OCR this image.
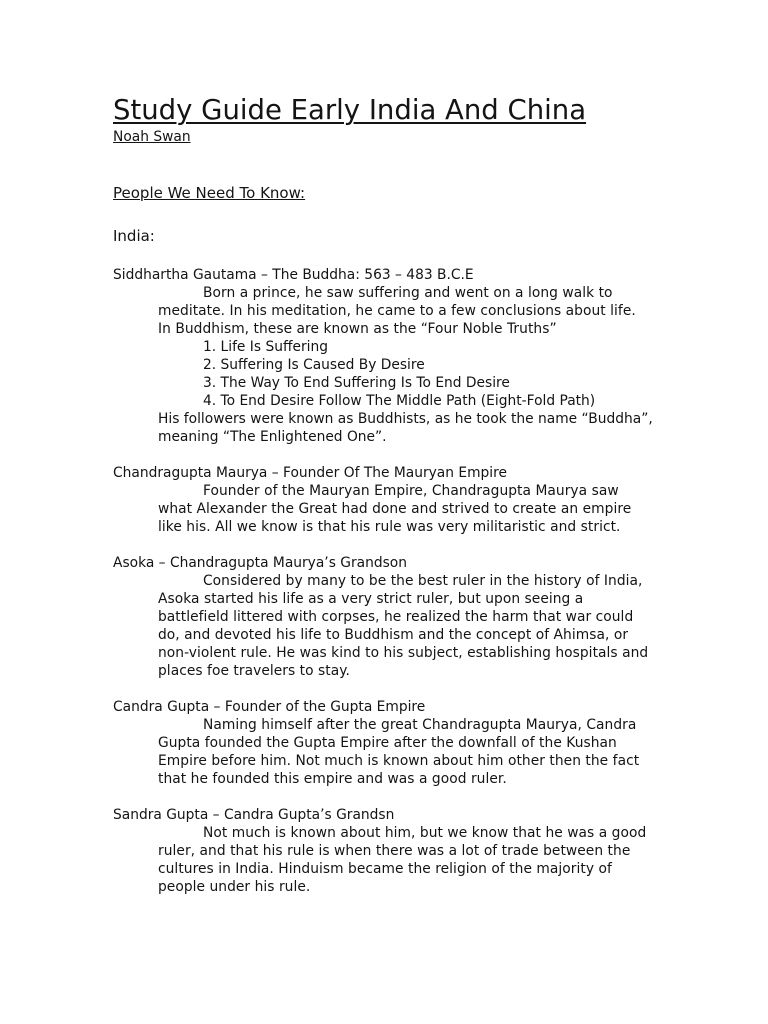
Study Guide Early India And China

Noah Swan

People We Need To Know:
India:

Siddhartha Gautama – The Buddha: 563 – 483 B.C.E

Born a prince, he saw suffering and went on a long walk to meditate. In his meditation, he came to a few conclusions about life. In Buddhism, these are known as the “Four Noble Truths”

1. Life Is Suffering
2. Suffering Is Caused By Desire
3. The Way To End Suffering Is To End Desire
4. To End Desire Follow The Middle Path (Eight-Fold Path)

His followers were known as Buddhists, as he took the name “Buddha”, meaning “The Enlightened One”.

Chandragupta Maurya – Founder Of The Mauryan Empire

Founder of the Mauryan Empire, Chandragupta Maurya saw what Alexander the Great had done and strived to create an empire like his. All we know is that his rule was very militaristic and strict.

Asoka – Chandragupta Maurya’s Grandson

Considered by many to be the best ruler in the history of India, Asoka started his life as a very strict ruler, but upon seeing a battlefield littered with corpses, he realized the harm that war could do, and devoted his life to Buddhism and the concept of Ahimsa, or non-violent rule. He was kind to his subject, establishing hospitals and places foe travelers to stay.

Candra Gupta – Founder of the Gupta Empire

Naming himself after the great Chandragupta Maurya, Candra Gupta founded the Gupta Empire after the downfall of the Kushan Empire before him. Not much is known about him other then the fact that he founded this empire and was a good ruler.

Sandra Gupta – Candra Gupta’s Grandsn

Not much is known about him, but we know that he was a good ruler, and that his rule is when there was a lot of trade between the cultures in India. Hinduism became the religion of the majority of people under his rule.
